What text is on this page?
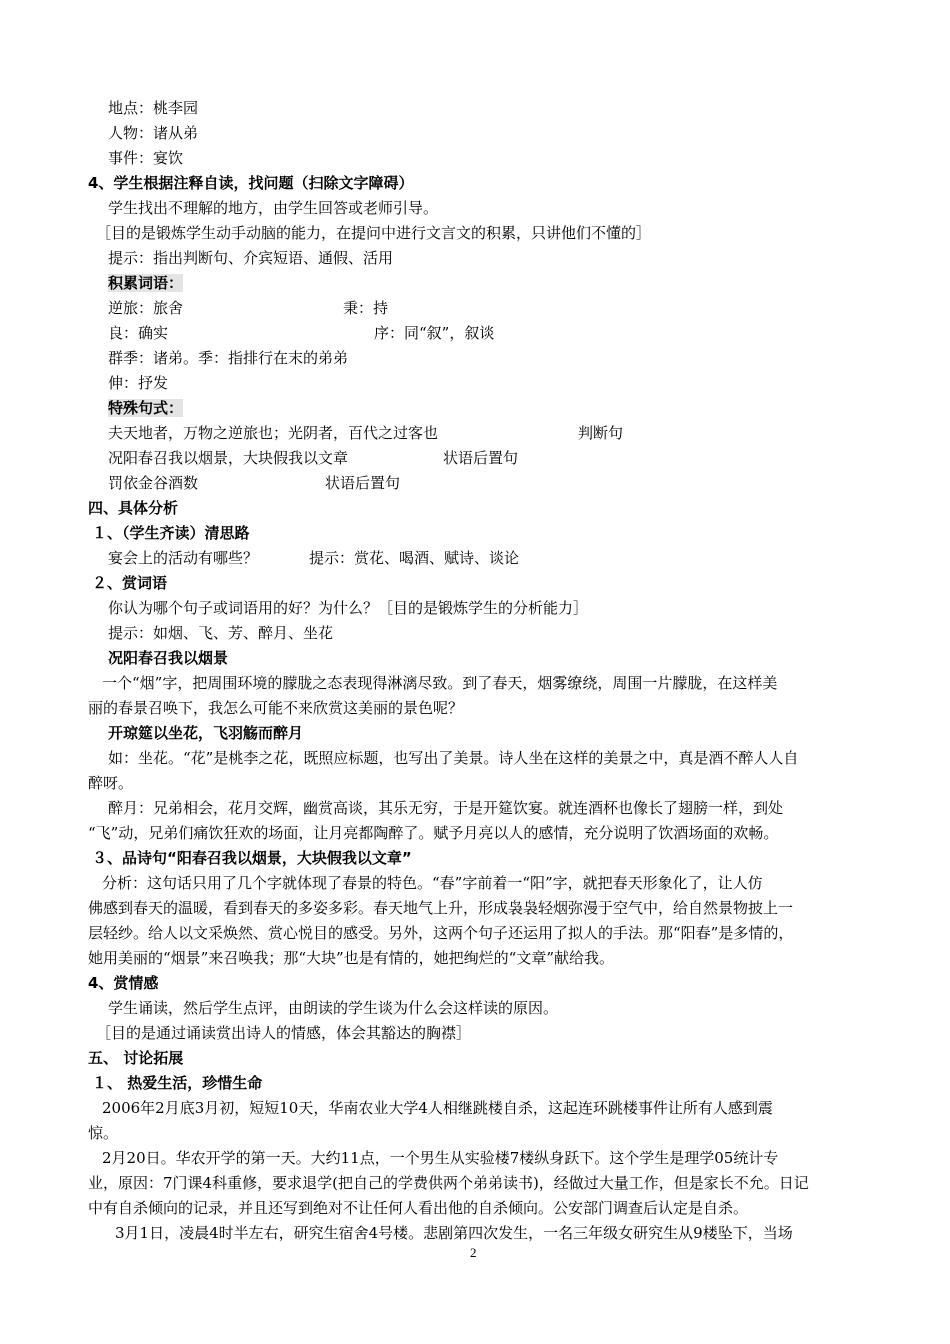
地点：桃李园
人物：诸从弟
事件：宴饮
4、学生根据注释自读，找问题（扫除文字障碍）
学生找出不理解的地方，由学生回答或老师引导。
［目的是锻炼学生动手动脑的能力，在提问中进行文言文的积累，只讲他们不懂的］
提示：指出判断句、介宾短语、通假、活用
积累词语：
逆旅：旅舍	秉：持
良：确实	序：同“叙”，叙谈
群季：诸弟。季：指排行在末的弟弟
伸：抒发
特殊句式：
夫天地者，万物之逆旅也；光阴者，百代之过客也	判断句
况阳春召我以烟景，大块假我以文章	状语后置句
罚依金谷酒数	状语后置句
四、具体分析
１、（学生齐读）清思路
宴会上的活动有哪些？	提示：赏花、喝酒、赋诗、谈论
２、赏词语
你认为哪个句子或词语用的好？为什么？［目的是锻炼学生的分析能力］
提示：如烟、飞、芳、醉月、坐花
况阳春召我以烟景
一个“烟”字，把周围环境的朦胧之态表现得淋漓尽致。到了春天，烟雾缭绕，周围一片朦胧，在这样美
丽的春景召唤下，我怎么可能不来欣赏这美丽的景色呢？
开琼筵以坐花，飞羽觞而醉月
如：坐花。“花”是桃李之花，既照应标题，也写出了美景。诗人坐在这样的美景之中，真是酒不醉人人自
醉呀。
醉月：兄弟相会，花月交辉，幽赏高谈，其乐无穷，于是开筵饮宴。就连酒杯也像长了翅膀一样，到处
“飞”动，兄弟们痛饮狂欢的场面，让月亮都陶醉了。赋予月亮以人的感情，充分说明了饮酒场面的欢畅。
３、品诗句“阳春召我以烟景，大块假我以文章”
分析：这句话只用了几个字就体现了春景的特色。“春”字前着一“阳”字，就把春天形象化了，让人仿
佛感到春天的温暖，看到春天的多姿多彩。春天地气上升，形成袅袅轻烟弥漫于空气中，给自然景物披上一
层轻纱。给人以文采焕然、赏心悦目的感受。另外，这两个句子还运用了拟人的手法。那“阳春”是多情的，
她用美丽的“烟景”来召唤我；那“大块”也是有情的，她把绚烂的“文章”献给我。
4、赏情感
学生诵读，然后学生点评，由朗读的学生谈为什么会这样读的原因。
［目的是通过诵读赏出诗人的情感，体会其豁达的胸襟］
五、 讨论拓展
１、 热爱生活，珍惜生命
2006年2月底3月初，短短10天，华南农业大学4人相继跳楼自杀，这起连环跳楼事件让所有人感到震
惊。
2月20日。华农开学的第一天。大约11点，一个男生从实验楼7楼纵身跃下。这个学生是理学05统计专
业，原因：7门课4科重修，要求退学(把自己的学费供两个弟弟读书)，经做过大量工作，但是家长不允。日记
中有自杀倾向的记录，并且还写到绝对不让任何人看出他的自杀倾向。公安部门调查后认定是自杀。
3月1日，凌晨4时半左右，研究生宿舍4号楼。悲剧第四次发生，一名三年级女研究生从9楼坠下，当场
2
